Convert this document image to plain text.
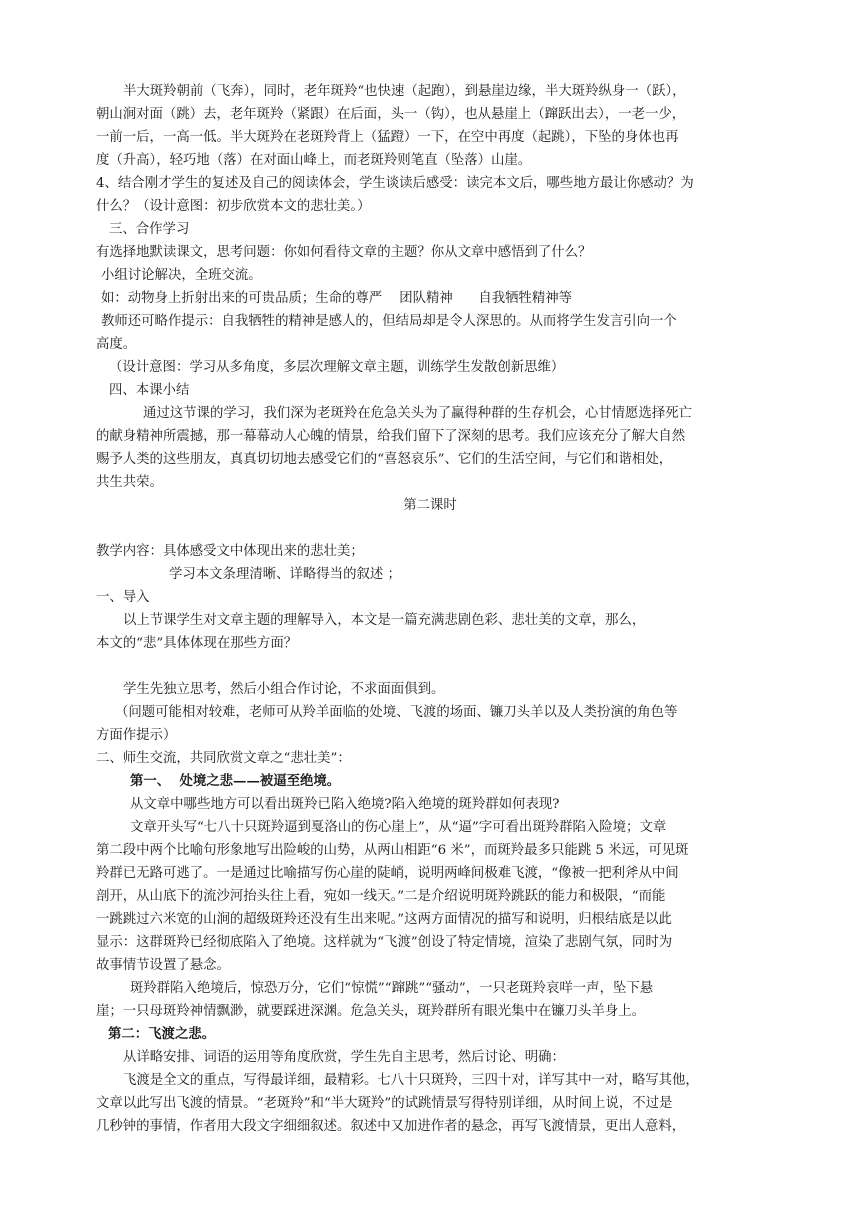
半大斑羚朝前（飞奔），同时，老年斑羚“也快速（起跑），到悬崖边缘，半大斑羚纵身一（跃），
朝山涧对面（跳）去，老年斑羚（紧跟）在后面，头一（钩），也从悬崖上（蹿跃出去），一老一少，
一前一后，一高一低。半大斑羚在老斑羚背上（猛蹬）一下，在空中再度（起跳），下坠的身体也再
度（升高），轻巧地（落）在对面山峰上，而老斑羚则笔直（坠落）山崖。
4、结合刚才学生的复述及自己的阅读体会，学生谈读后感受：读完本文后，哪些地方最让你感动？为
什么？（设计意图：初步欣赏本文的悲壮美。）
三、合作学习
有选择地默读课文，思考问题：你如何看待文章的主题？你从文章中感悟到了什么？
小组讨论解决，全班交流。
如：动物身上折射出来的可贵品质；生命的尊严    团队精神      自我牺牲精神等
教师还可略作提示：自我牺牲的精神是感人的，但结局却是令人深思的。从而将学生发言引向一个
高度。
（设计意图：学习从多角度，多层次理解文章主题，训练学生发散创新思维）
四、本课小结
通过这节课的学习，我们深为老斑羚在危急关头为了赢得种群的生存机会，心甘情愿选择死亡
的献身精神所震撼，那一幕幕动人心魄的情景，给我们留下了深刻的思考。我们应该充分了解大自然
赐予人类的这些朋友，真真切切地去感受它们的“喜怒哀乐”、它们的生活空间，与它们和谐相处，
共生共荣。
第二课时
教学内容：具体感受文中体现出来的悲壮美；
学习本文条理清晰、详略得当的叙述 ；
一、导入
以上节课学生对文章主题的理解导入，本文是一篇充满悲剧色彩、悲壮美的文章，那么，
本文的“悲”具体体现在那些方面？
学生先独立思考，然后小组合作讨论，不求面面俱到。
（问题可能相对较难，老师可从羚羊面临的处境、飞渡的场面、镰刀头羊以及人类扮演的角色等
方面作提示）
二、师生交流，共同欣赏文章之“悲壮美”：
第一、  处境之悲——被逼至绝境。
从文章中哪些地方可以看出斑羚已陷入绝境?陷入绝境的斑羚群如何表现?
文章开头写“七八十只斑羚逼到戛洛山的伤心崖上”，从“逼”字可看出斑羚群陷入险境；文章
第二段中两个比喻句形象地写出险峻的山势，从两山相距“6 米”，而斑羚最多只能跳 5 米远，可见斑
羚群已无路可逃了。一是通过比喻描写伤心崖的陡峭，说明两峰间极难飞渡，“像被一把利斧从中间
剖开，从山底下的流沙河抬头往上看，宛如一线天。”二是介绍说明斑羚跳跃的能力和极限，“而能
一跳跳过六米宽的山涧的超级斑羚还没有生出来呢。”这两方面情况的描写和说明，归根结底是以此
显示：这群斑羚已经彻底陷入了绝境。这样就为“飞渡”创设了特定情境，渲染了悲剧气氛，同时为
故事情节设置了悬念。
斑羚群陷入绝境后，惊恐万分，它们“惊慌”“蹿跳”“骚动”，一只老斑羚哀咩一声，坠下悬
崖；一只母斑羚神情飘渺，就要踩进深渊。危急关头，斑羚群所有眼光集中在镰刀头羊身上。
第二：飞渡之悲。
从详略安排、词语的运用等角度欣赏，学生先自主思考，然后讨论、明确：
飞渡是全文的重点，写得最详细，最精彩。七八十只斑羚，三四十对，详写其中一对，略写其他，
文章以此写出飞渡的情景。“老斑羚”和“半大斑羚”的试跳情景写得特别详细，从时间上说，不过是
几秒钟的事情，作者用大段文字细细叙述。叙述中又加进作者的悬念，再写飞渡情景，更出人意料，
